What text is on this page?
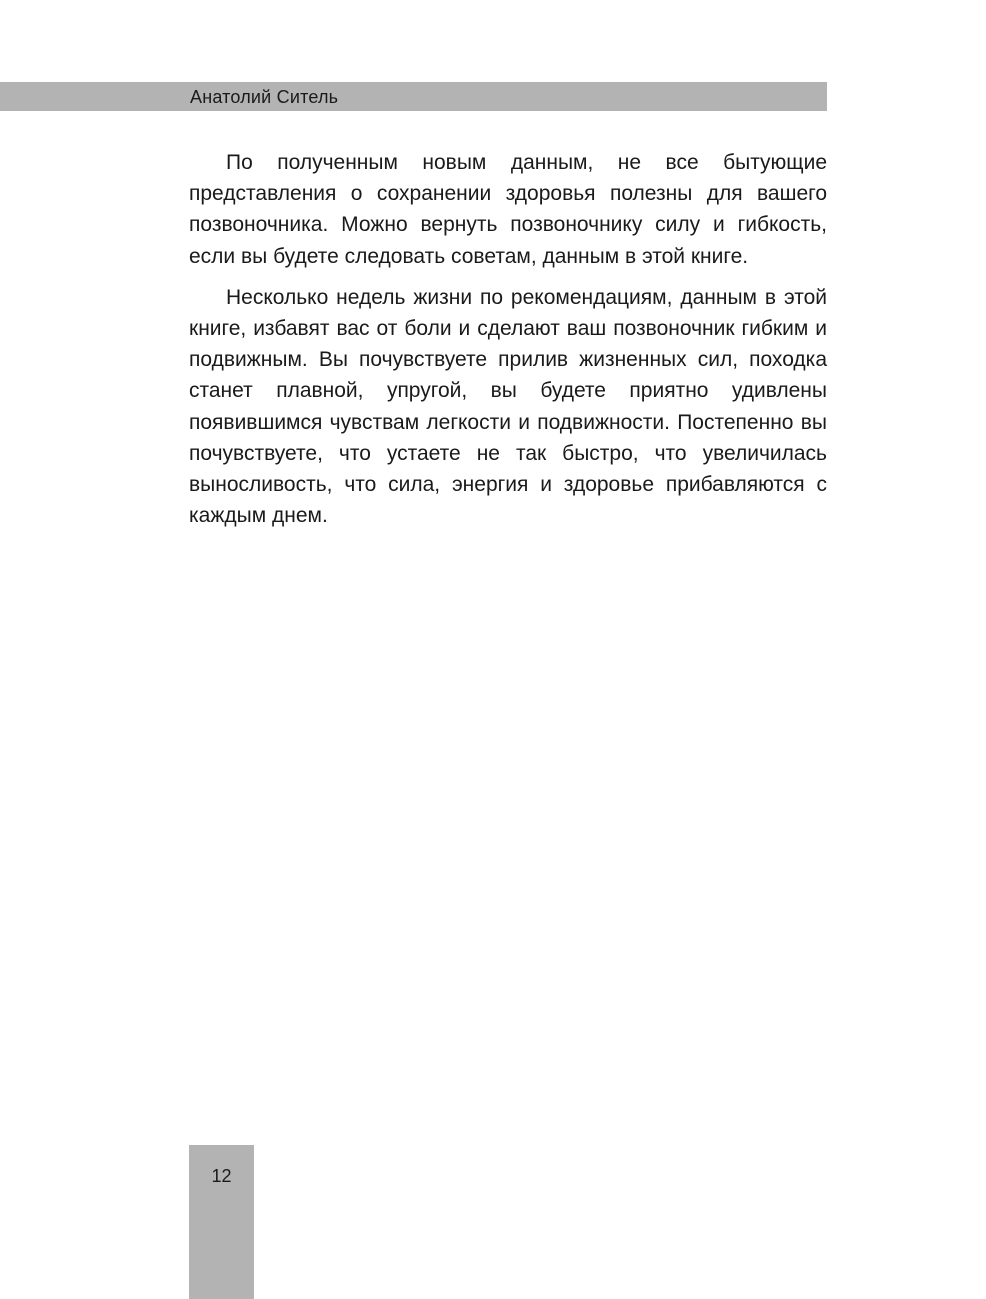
Анатолий Ситель

По полученным новым данным, не все бытующие представления о сохранении здоровья полезны для вашего позвоночника. Можно вернуть позвоночнику силу и гибкость, если вы будете следовать советам, данным в этой книге.

Несколько недель жизни по рекомендациям, данным в этой книге, избавят вас от боли и сделают ваш позвоночник гибким и подвижным. Вы почувствуете прилив жизненных сил, походка станет плавной, упругой, вы будете приятно удивлены появившимся чувствам легкости и подвижности. Постепенно вы почувствуете, что устаете не так быстро, что увеличилась выносливость, что сила, энергия и здоровье прибавляются с каждым днем.

12
